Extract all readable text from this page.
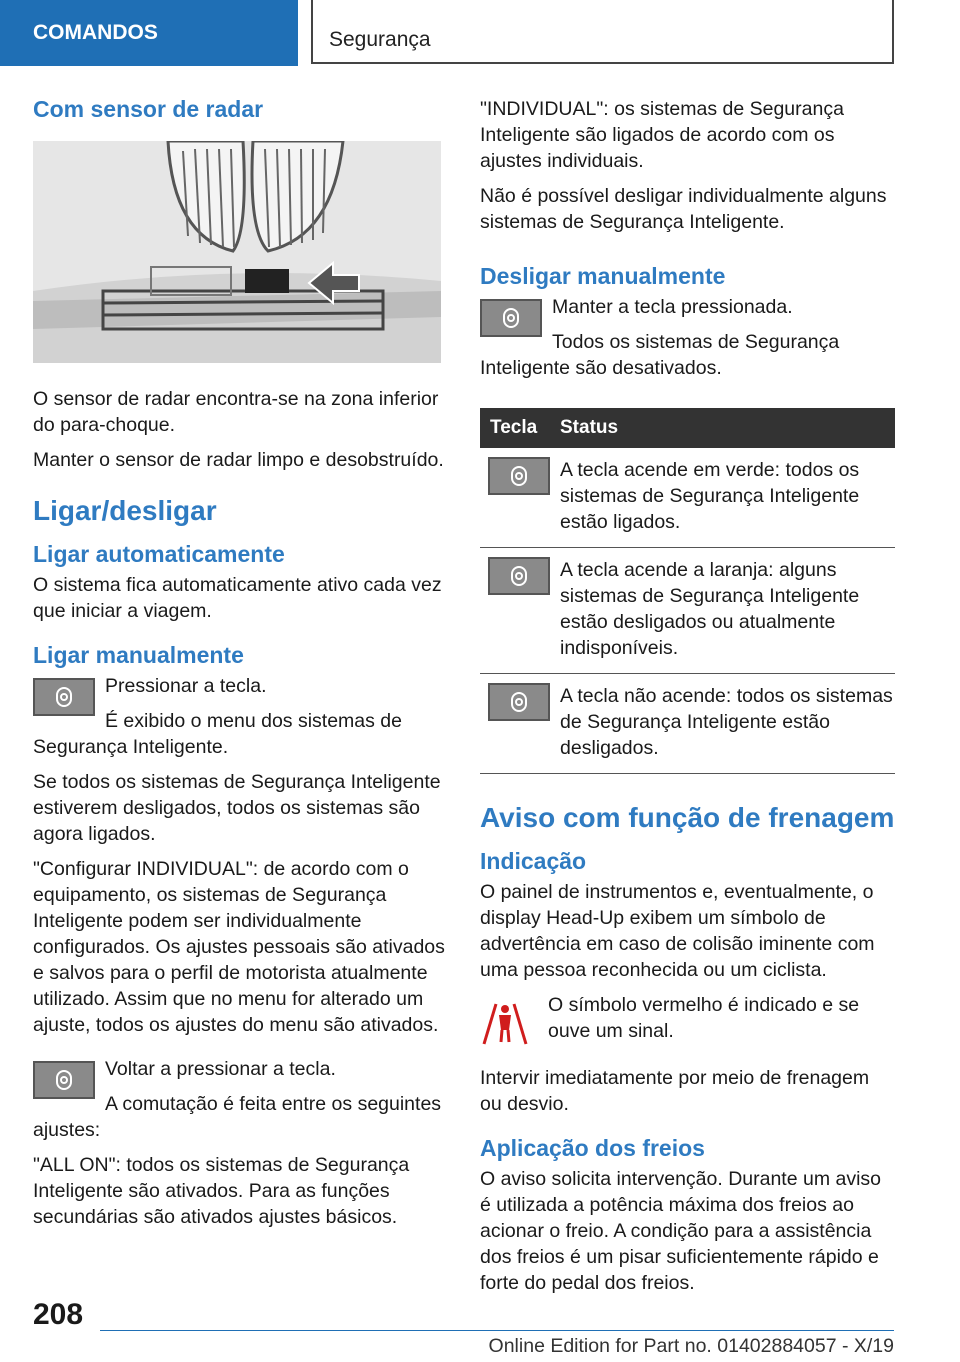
COMANDOS	Segurança
Com sensor de radar

O sensor de radar encontra-se na zona inferior do para-choque.

Manter o sensor de radar limpo e desobstruído.

Ligar/desligar
Ligar automaticamente

O sistema fica automaticamente ativo cada vez que iniciar a viagem.

Ligar manualmente

Pressionar a tecla.

É exibido o menu dos sistemas de Segurança Inteligente.

Se todos os sistemas de Segurança Inteligente estiverem desligados, todos os sistemas são agora ligados.

"Configurar INDIVIDUAL": de acordo com o equipamento, os sistemas de Segurança Inteligente podem ser individualmente configurados. Os ajustes pessoais são ativados e salvos para o perfil de motorista atualmente utilizado. Assim que no menu for alterado um ajuste, todos os ajustes do menu são ativados.

Voltar a pressionar a tecla.

A comutação é feita entre os seguintes ajustes:

"ALL ON": todos os sistemas de Segurança Inteligente são ativados. Para as funções secundárias são ativados ajustes básicos.

"INDIVIDUAL": os sistemas de Segurança Inteligente são ligados de acordo com os ajustes individuais.

Não é possível desligar individualmente alguns sistemas de Segurança Inteligente.

Desligar manualmente

Manter a tecla pressionada.

Todos os sistemas de Segurança Inteligente são desativados.

Tecla	Status

	A tecla acende em verde: todos os sistemas de Segurança Inteligente estão ligados.

	A tecla acende a laranja: alguns sistemas de Segurança Inteligente estão desligados ou atualmente indisponíveis.

	A tecla não acende: todos os sistemas de Segurança Inteligente estão desligados.
Aviso com função de frenagem
Indicação

O painel de instrumentos e, eventualmente, o display Head-Up exibem um símbolo de advertência em caso de colisão iminente com uma pessoa reconhecida ou um ciclista.

O símbolo vermelho é indicado e se ouve um sinal.

Intervir imediatamente por meio de frenagem ou desvio.

Aplicação dos freios

O aviso solicita intervenção. Durante um aviso é utilizada a potência máxima dos freios ao acionar o freio. A condição para a assistência dos freios é um pisar suficientemente rápido e forte do pedal dos freios.

208
Online Edition for Part no. 01402884057 - X/19
